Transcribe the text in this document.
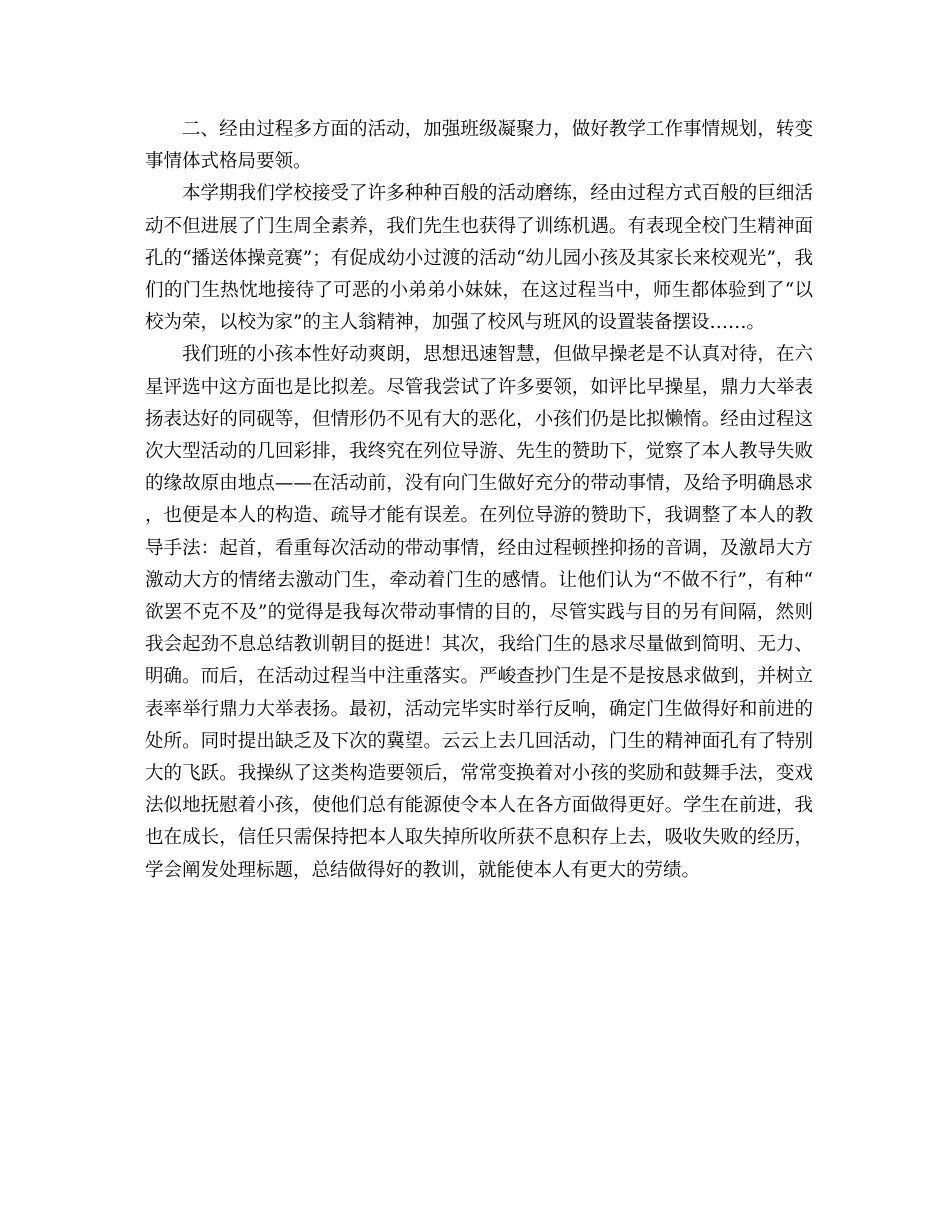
二、经由过程多方面的活动，加强班级凝聚力，做好教学工作事情规划，转变事情体式格局要领。

本学期我们学校接受了许多种种百般的活动磨练，经由过程方式百般的巨细活动不但进展了门生周全素养，我们先生也获得了训练机遇。有表现全校门生精神面孔的“播送体操竞赛”；有促成幼小过渡的活动“幼儿园小孩及其家长来校观光”，我们的门生热忱地接待了可恶的小弟弟小妹妹，在这过程当中，师生都体验到了“以校为荣，以校为家”的主人翁精神，加强了校风与班风的设置装备摆设……。

我们班的小孩本性好动爽朗，思想迅速智慧，但做早操老是不认真对待，在六星评选中这方面也是比拟差。尽管我尝试了许多要领，如评比早操星，鼎力大举表扬表达好的同砚等，但情形仍不见有大的恶化，小孩们仍是比拟懒惰。经由过程这次大型活动的几回彩排，我终究在列位导游、先生的赞助下，觉察了本人教导失败的缘故原由地点——在活动前，没有向门生做好充分的带动事情，及给予明确恳求，也便是本人的构造、疏导才能有误差。在列位导游的赞助下，我调整了本人的教导手法：起首，看重每次活动的带动事情，经由过程顿挫抑扬的音调，及激昂大方激动大方的情绪去激动门生，牵动着门生的感情。让他们认为“不做不行”，有种“欲罢不克不及”的觉得是我每次带动事情的目的，尽管实践与目的另有间隔，然则我会起劲不息总结教训朝目的挺进！其次，我给门生的恳求尽量做到简明、无力、明确。而后，在活动过程当中注重落实。严峻查抄门生是不是按恳求做到，并树立表率举行鼎力大举表扬。最初，活动完毕实时举行反响，确定门生做得好和前进的处所。同时提出缺乏及下次的冀望。云云上去几回活动，门生的精神面孔有了特别大的飞跃。我操纵了这类构造要领后，常常变换着对小孩的奖励和鼓舞手法，变戏法似地抚慰着小孩，使他们总有能源使令本人在各方面做得更好。学生在前进，我也在成长，信任只需保持把本人取失掉所收所获不息积存上去，吸收失败的经历，学会阐发处理标题，总结做得好的教训，就能使本人有更大的劳绩。
